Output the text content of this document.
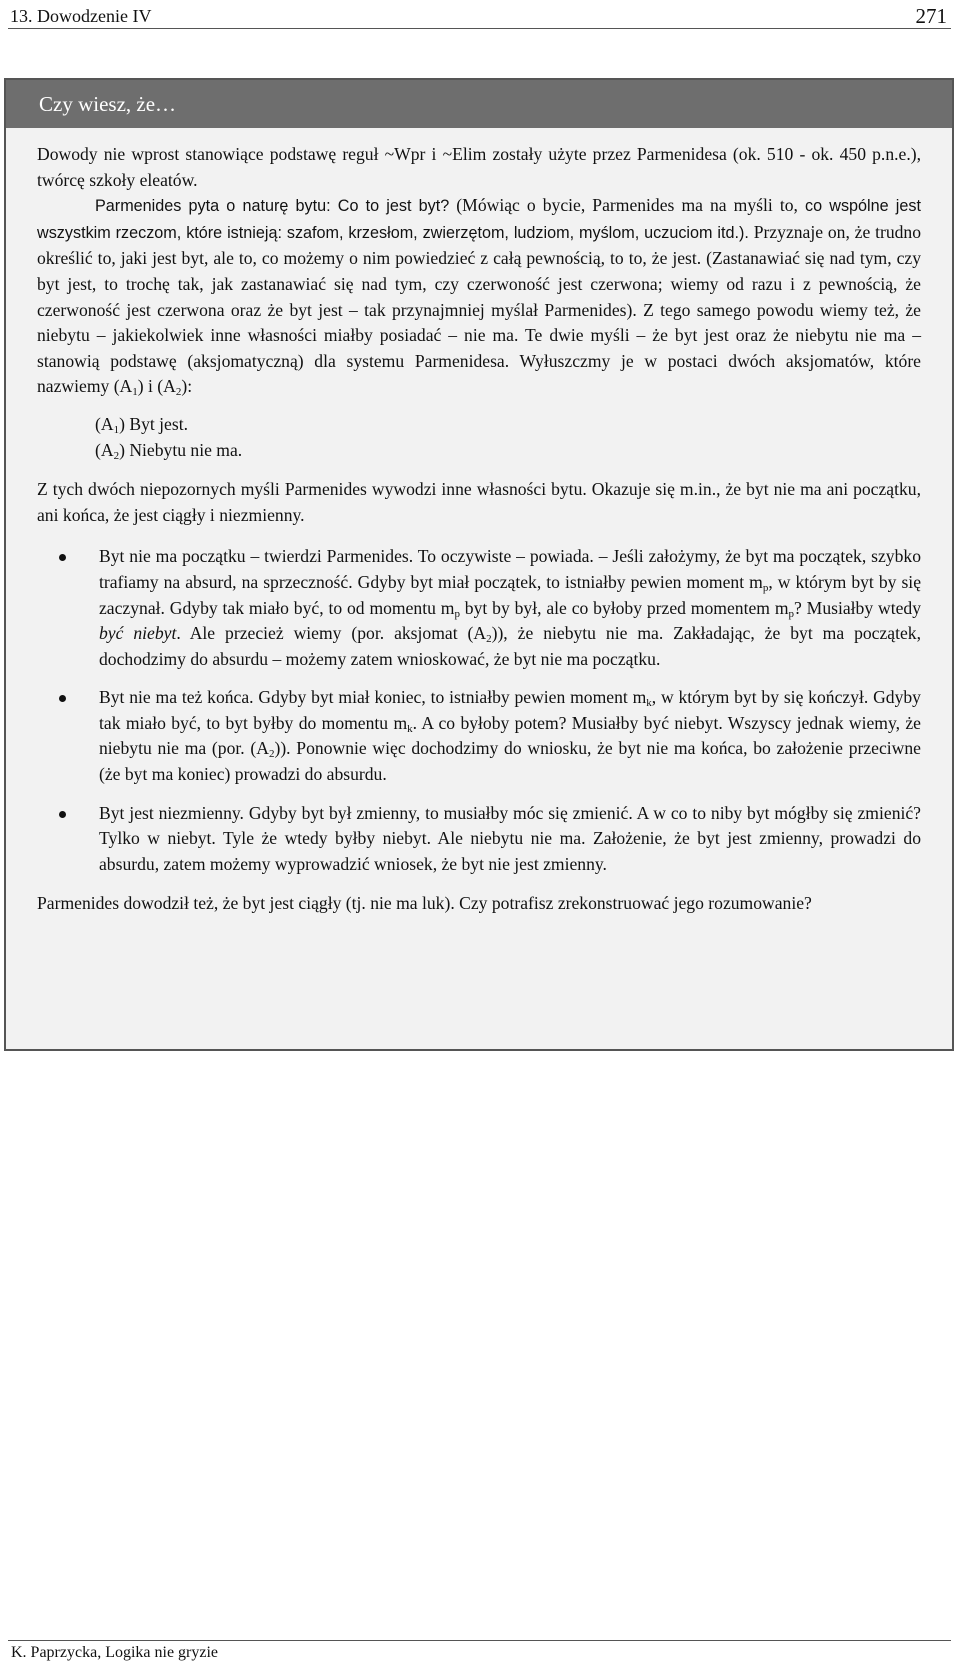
13. Dowodzenie IV	271
Czy wiesz, że…

Dowody nie wprost stanowiące podstawę reguł ~Wpr i ~Elim zostały użyte przez Parmenidesa (ok. 510 - ok. 450 p.n.e.), twórcę szkoły eleatów.

Parmenides pyta o naturę bytu: Co to jest byt? (Mówiąc o bycie, Parmenides ma na myśli to, co wspólne jest wszystkim rzeczom, które istnieją: szafom, krzesłom, zwierzętom, ludziom, myślom, uczuciom itd.). Przyznaje on, że trudno określić to, jaki jest byt, ale to, co możemy o nim powiedzieć z całą pewnością, to to, że jest. (Zastanawiać się nad tym, czy byt jest, to trochę tak, jak zastanawiać się nad tym, czy czerwoność jest czerwona; wiemy od razu i z pewnością, że czerwoność jest czerwona oraz że byt jest – tak przynajmniej myślał Parmenides). Z tego samego powodu wiemy też, że niebytu – jakiekolwiek inne własności miałby posiadać – nie ma. Te dwie myśli – że byt jest oraz że niebytu nie ma – stanowią podstawę (aksjomatyczną) dla systemu Parmenidesa. Wyłuszczmy je w postaci dwóch aksjomatów, które nazwiemy $(A_1)$ i $(A_2)$:

$(A_1)$ Byt jest.
$(A_2)$ Niebytu nie ma.

Z tych dwóch niepozornych myśli Parmenides wywodzi inne własności bytu. Okazuje się m.in., że byt nie ma ani początku, ani końca, że jest ciągły i niezmienny.

Byt nie ma początku – twierdzi Parmenides. To oczywiste – powiada. – Jeśli założymy, że byt ma początek, szybko trafiamy na absurd, na sprzeczność. Gdyby byt miał początek, to istniałby pewien moment $m_p$, w którym byt by się zaczynał. Gdyby tak miało być, to od momentu $m_p$ byt by był, ale co byłoby przed momentem $m_p$? Musiałby wtedy być niebyt. Ale przecież wiemy (por. aksjomat $(A_2)$), że niebytu nie ma. Zakładając, że byt ma początek, dochodzimy do absurdu – możemy zatem wnioskować, że byt nie ma początku.
Byt nie ma też końca. Gdyby byt miał koniec, to istniałby pewien moment $m_k$, w którym byt by się kończył. Gdyby tak miało być, to byt byłby do momentu $m_k$. A co byłoby potem? Musiałby być niebyt. Wszyscy jednak wiemy, że niebytu nie ma (por. $(A_2)$). Ponownie więc dochodzimy do wniosku, że byt nie ma końca, bo założenie przeciwne (że byt ma koniec) prowadzi do absurdu.
Byt jest niezmienny. Gdyby byt był zmienny, to musiałby móc się zmienić. A w co to niby byt mógłby się zmienić? Tylko w niebyt. Tyle że wtedy byłby niebyt. Ale niebytu nie ma. Założenie, że byt jest zmienny, prowadzi do absurdu, zatem możemy wyprowadzić wniosek, że byt nie jest zmienny.

Parmenides dowodził też, że byt jest ciągły (tj. nie ma luk). Czy potrafisz zrekonstruować jego rozumowanie?

K. Paprzycka, Logika nie gryzie
